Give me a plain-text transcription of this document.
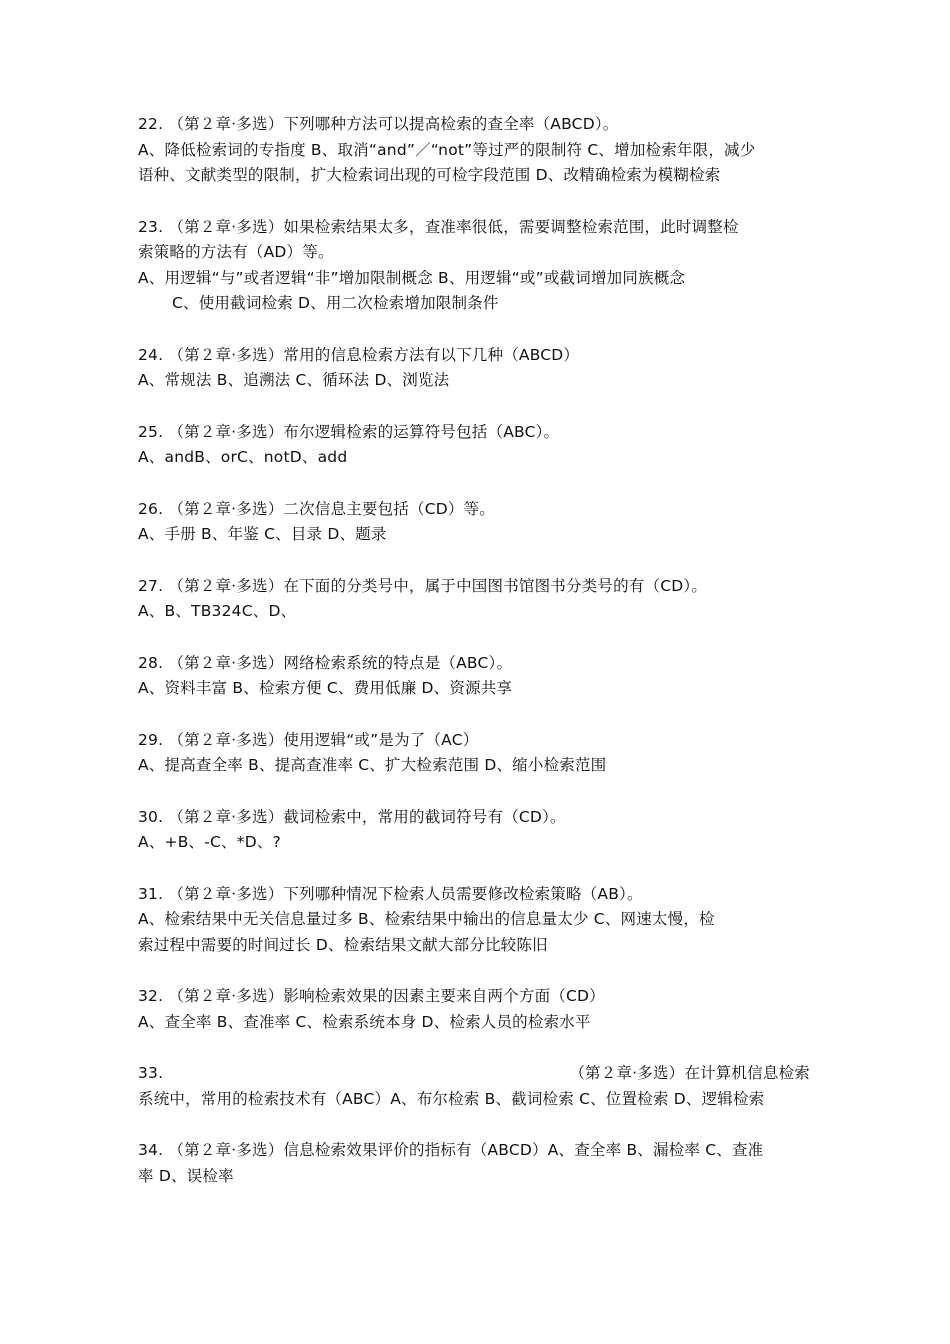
22. （第２章·多选）下列哪种方法可以提高检索的查全率（ABCD）。
A、降低检索词的专指度 B、取消“and”／“not”等过严的限制符 C、增加检索年限，减少
语种、文献类型的限制，扩大检索词出现的可检字段范围 D、改精确检索为模糊检索
23. （第２章·多选）如果检索结果太多，查准率很低，需要调整检索范围，此时调整检
索策略的方法有（AD）等。
A、用逻辑“与”或者逻辑“非”增加限制概念 B、用逻辑“或”或截词增加同族概念
C、使用截词检索 D、用二次检索增加限制条件
24. （第２章·多选）常用的信息检索方法有以下几种（ABCD）
A、常规法 B、追溯法 C、循环法 D、浏览法
25. （第２章·多选）布尔逻辑检索的运算符号包括（ABC）。
A、andB、orC、notD、add
26. （第２章·多选）二次信息主要包括（CD）等。
A、手册 B、年鉴 C、目录 D、题录
27. （第２章·多选）在下面的分类号中，属于中国图书馆图书分类号的有（CD）。
A、B、TB324C、D、
28. （第２章·多选）网络检索系统的特点是（ABC）。
A、资料丰富 B、检索方便 C、费用低廉 D、资源共享
29. （第２章·多选）使用逻辑“或”是为了（AC）
A、提高查全率 B、提高查准率 C、扩大检索范围 D、缩小检索范围
30. （第２章·多选）截词检索中，常用的截词符号有（CD）。
A、+B、-C、*D、?
31. （第２章·多选）下列哪种情况下检索人员需要修改检索策略（AB）。
A、检索结果中无关信息量过多 B、检索结果中输出的信息量太少 C、网速太慢，检
索过程中需要的时间过长 D、检索结果文献大部分比较陈旧
32. （第２章·多选）影响检索效果的因素主要来自两个方面（CD）
A、查全率 B、查准率 C、检索系统本身 D、检索人员的检索水平
33.	（第２章·多选）在计算机信息检索
系统中，常用的检索技术有（ABC）A、布尔检索 B、截词检索 C、位置检索 D、逻辑检索
34. （第２章·多选）信息检索效果评价的指标有（ABCD）A、查全率 B、漏检率 C、查准
率 D、误检率
